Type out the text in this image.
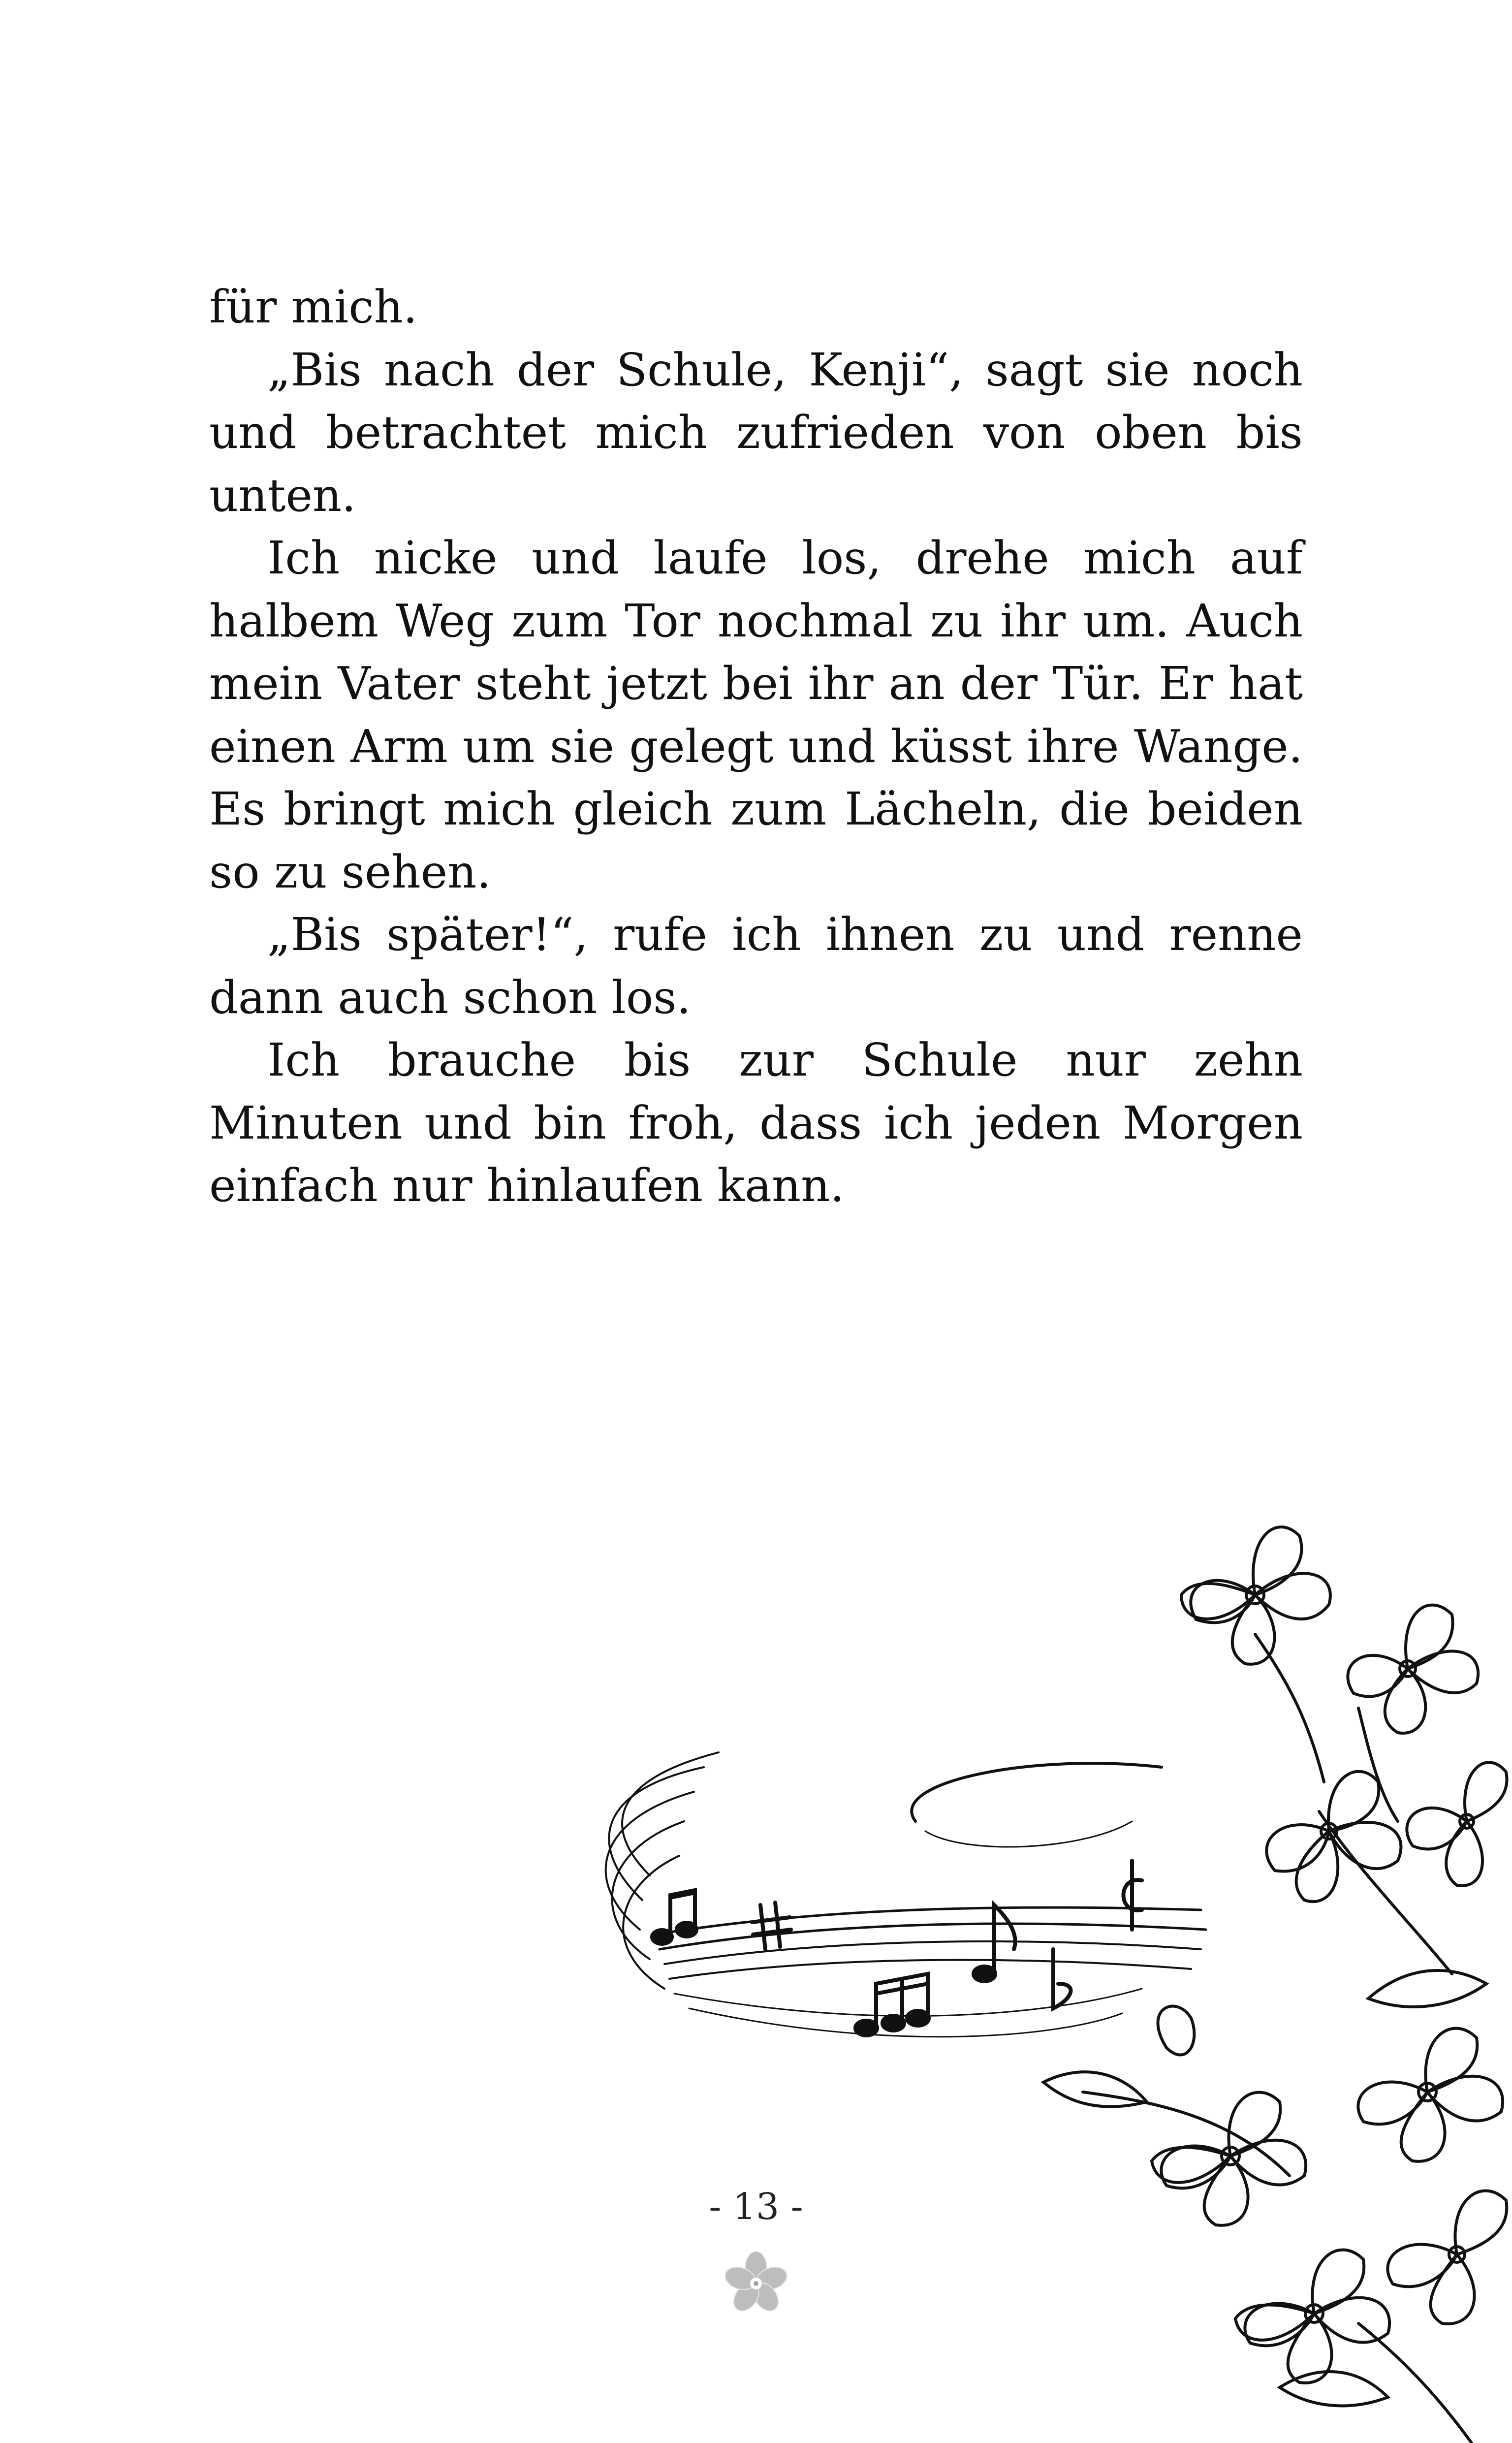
für mich.

„Bis nach der Schule, Kenji“, sagt sie noch und betrachtet mich zufrieden von oben bis unten.

Ich nicke und laufe los, drehe mich auf halbem Weg zum Tor nochmal zu ihr um. Auch mein Vater steht jetzt bei ihr an der Tür. Er hat einen Arm um sie gelegt und küsst ihre Wange. Es bringt mich gleich zum Lächeln, die beiden so zu sehen.

„Bis später!“, rufe ich ihnen zu und renne dann auch schon los.

Ich brauche bis zur Schule nur zehn Minuten und bin froh, dass ich jeden Morgen einfach nur hinlaufen kann.

- 13 -
